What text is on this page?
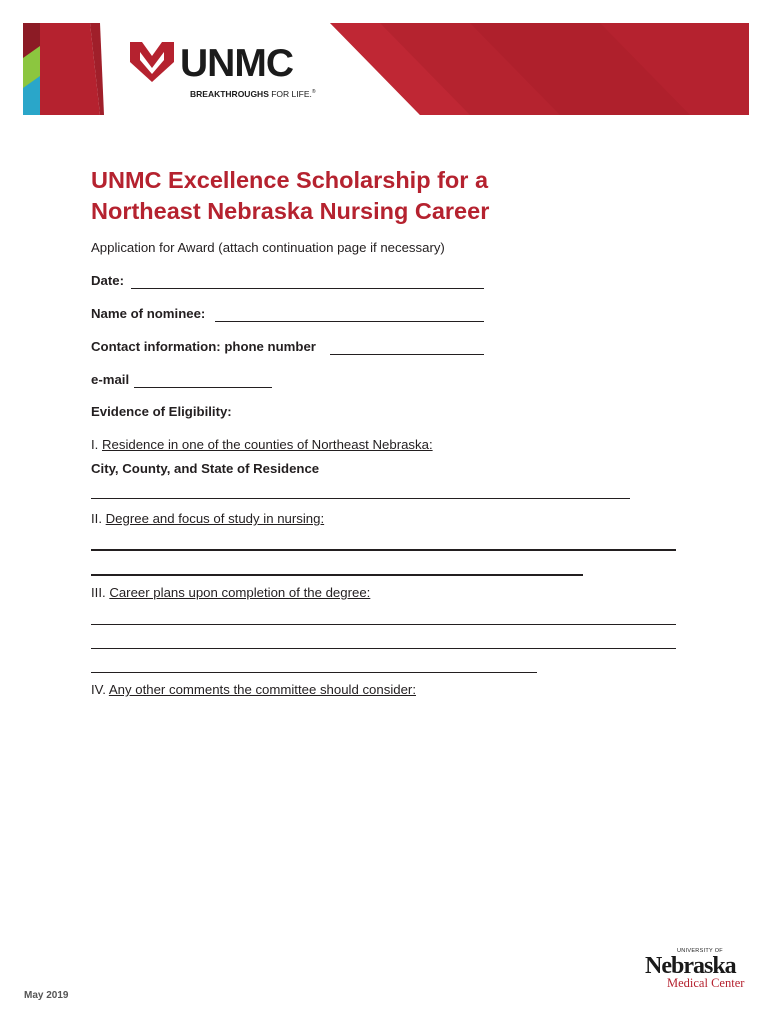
UNMC
BREAKTHROUGHS FOR LIFE.®
UNMC Excellence Scholarship for a
Northeast Nebraska Nursing Career
Application for Award (attach continuation page if necessary)
Date:
Name of nominee:
Contact information: phone number
e-mail
Evidence of Eligibility:
I. Residence in one of the counties of Northeast Nebraska:
City, County, and State of Residence
II. Degree and focus of study in nursing:
III. Career plans upon completion of the degree:
IV. Any other comments the committee should consider:
May 2019
UNIVERSITY OF
Nebraska
Medical Center
